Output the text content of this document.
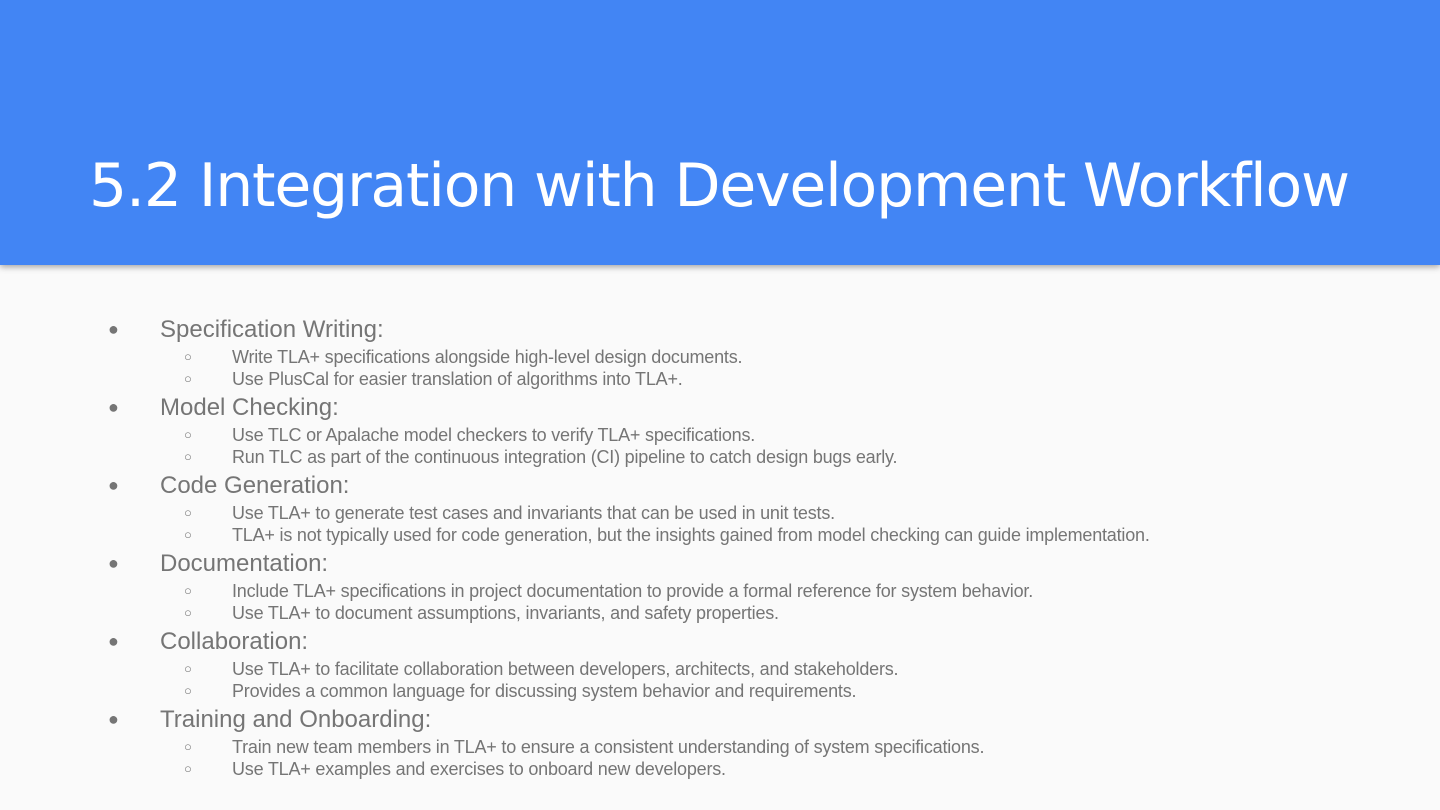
5.2 Integration with Development Workflow
● Specification Writing:
○ Write TLA+ specifications alongside high-level design documents.
○ Use PlusCal for easier translation of algorithms into TLA+.
● Model Checking:
○ Use TLC or Apalache model checkers to verify TLA+ specifications.
○ Run TLC as part of the continuous integration (CI) pipeline to catch design bugs early.
● Code Generation:
○ Use TLA+ to generate test cases and invariants that can be used in unit tests.
○ TLA+ is not typically used for code generation, but the insights gained from model checking can guide implementation.
● Documentation:
○ Include TLA+ specifications in project documentation to provide a formal reference for system behavior.
○ Use TLA+ to document assumptions, invariants, and safety properties.
● Collaboration:
○ Use TLA+ to facilitate collaboration between developers, architects, and stakeholders.
○ Provides a common language for discussing system behavior and requirements.
● Training and Onboarding:
○ Train new team members in TLA+ to ensure a consistent understanding of system specifications.
○ Use TLA+ examples and exercises to onboard new developers.
